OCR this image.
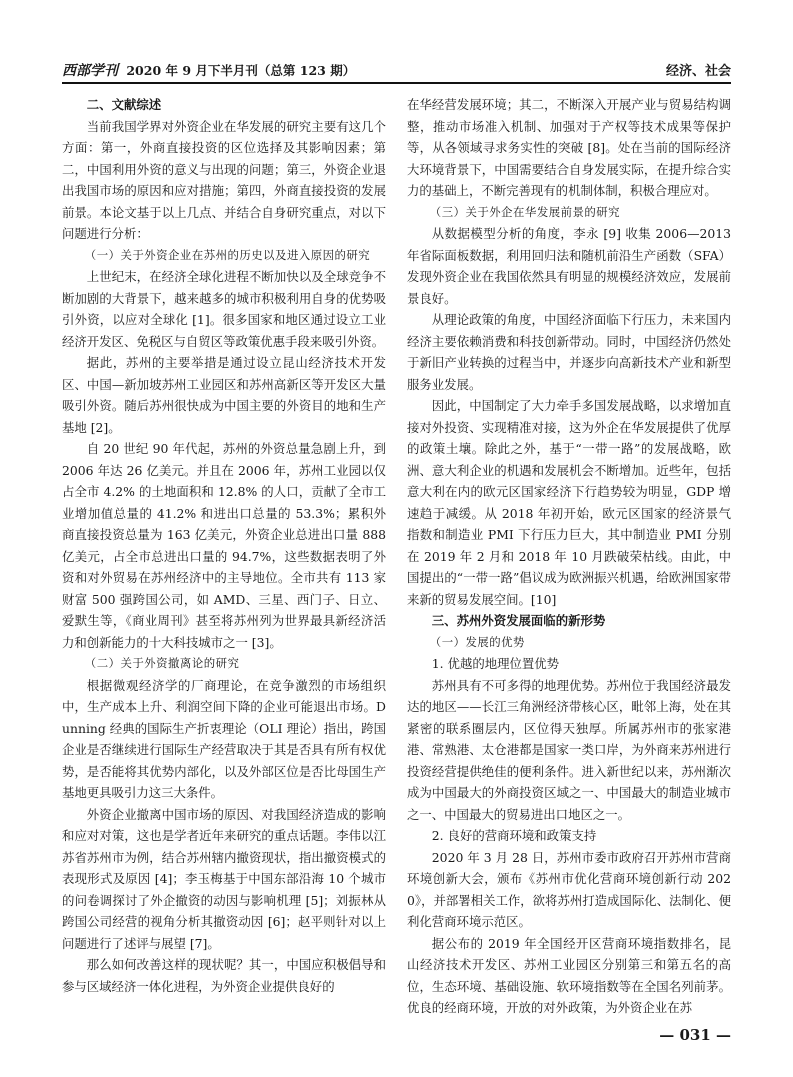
西部学刊 2020 年 9 月下半月刊（总第 123 期）	经济、社会

二、文献综述

当前我国学界对外资企业在华发展的研究主要有这几个方面：第一，外商直接投资的区位选择及其影响因素；第二，中国利用外资的意义与出现的问题；第三，外资企业退出我国市场的原因和应对措施；第四，外商直接投资的发展前景。本论文基于以上几点、并结合自身研究重点，对以下问题进行分析：

（一）关于外资企业在苏州的历史以及进入原因的研究

上世纪末，在经济全球化进程不断加快以及全球竞争不断加剧的大背景下，越来越多的城市积极利用自身的优势吸引外资，以应对全球化 [1]。很多国家和地区通过设立工业经济开发区、免税区与自贸区等政策优惠手段来吸引外资。

据此，苏州的主要举措是通过设立昆山经济技术开发区、中国—新加坡苏州工业园区和苏州高新区等开发区大量吸引外资。随后苏州很快成为中国主要的外资目的地和生产基地 [2]。

自 20 世纪 90 年代起，苏州的外资总量急剧上升，到 2006 年达 26 亿美元。并且在 2006 年，苏州工业园以仅占全市 4.2% 的土地面积和 12.8% 的人口，贡献了全市工业增加值总量的 41.2% 和进出口总量的 53.3%；累积外商直接投资总量为 163 亿美元，外资企业总进出口量 888 亿美元，占全市总进出口量的 94.7%，这些数据表明了外资和对外贸易在苏州经济中的主导地位。全市共有 113 家财富 500 强跨国公司，如 AMD、三星、西门子、日立、爱默生等，《商业周刊》甚至将苏州列为世界最具新经济活力和创新能力的十大科技城市之一 [3]。

（二）关于外资撤离论的研究

根据微观经济学的厂商理论，在竞争激烈的市场组织中，生产成本上升、利润空间下降的企业可能退出市场。Dunning 经典的国际生产折衷理论（OLI 理论）指出，跨国企业是否继续进行国际生产经营取决于其是否具有所有权优势，是否能将其优势内部化，以及外部区位是否比母国生产基地更具吸引力这三大条件。

外资企业撤离中国市场的原因、对我国经济造成的影响和应对对策，这也是学者近年来研究的重点话题。李伟以江苏省苏州市为例，结合苏州辖内撤资现状，指出撤资模式的表现形式及原因 [4]；李玉梅基于中国东部沿海 10 个城市的问卷调探讨了外企撤资的动因与影响机理 [5]；刘振林从跨国公司经营的视角分析其撤资动因 [6]；赵平则针对以上问题进行了述评与展望 [7]。

那么如何改善这样的现状呢？其一，中国应积极倡导和参与区域经济一体化进程，为外资企业提供良好的

在华经营发展环境；其二，不断深入开展产业与贸易结构调整，推动市场准入机制、加强对于产权等技术成果等保护等，从各领域寻求务实性的突破 [8]。处在当前的国际经济大环境背景下，中国需要结合自身发展实际，在提升综合实力的基础上，不断完善现有的机制体制，积极合理应对。

（三）关于外企在华发展前景的研究

从数据模型分析的角度，李永 [9] 收集 2006—2013 年省际面板数据，利用回归法和随机前沿生产函数（SFA）发现外资企业在我国依然具有明显的规模经济效应，发展前景良好。

从理论政策的角度，中国经济面临下行压力，未来国内经济主要依赖消费和科技创新带动。同时，中国经济仍然处于新旧产业转换的过程当中，并逐步向高新技术产业和新型服务业发展。

因此，中国制定了大力牵手多国发展战略，以求增加直接对外投资、实现精准对接，这为外企在华发展提供了优厚的政策土壤。除此之外，基于“一带一路”的发展战略，欧洲、意大利企业的机遇和发展机会不断增加。近些年，包括意大利在内的欧元区国家经济下行趋势较为明显，GDP 增速趋于减缓。从 2018 年初开始，欧元区国家的经济景气指数和制造业 PMI 下行压力巨大，其中制造业 PMI 分别在 2019 年 2 月和 2018 年 10 月跌破荣枯线。由此，中国提出的“一带一路”倡议成为欧洲振兴机遇，给欧洲国家带来新的贸易发展空间。[10]

三、苏州外资发展面临的新形势

（一）发展的优势

1. 优越的地理位置优势

苏州具有不可多得的地理优势。苏州位于我国经济最发达的地区——长江三角洲经济带核心区，毗邻上海，处在其紧密的联系圈层内，区位得天独厚。所属苏州市的张家港港、常熟港、太仓港都是国家一类口岸，为外商来苏州进行投资经营提供绝佳的便利条件。进入新世纪以来，苏州渐次成为中国最大的外商投资区域之一、中国最大的制造业城市之一、中国最大的贸易进出口地区之一。

2. 良好的营商环境和政策支持

2020 年 3 月 28 日，苏州市委市政府召开苏州市营商环境创新大会，颁布《苏州市优化营商环境创新行动 2020》，并部署相关工作，欲将苏州打造成国际化、法制化、便利化营商环境示范区。

据公布的 2019 年全国经开区营商环境指数排名，昆山经济技术开发区、苏州工业园区分别第三和第五名的高位，生态环境、基础设施、软环境指数等在全国名列前茅。优良的经商环境，开放的对外政策，为外资企业在苏

— 031 —
